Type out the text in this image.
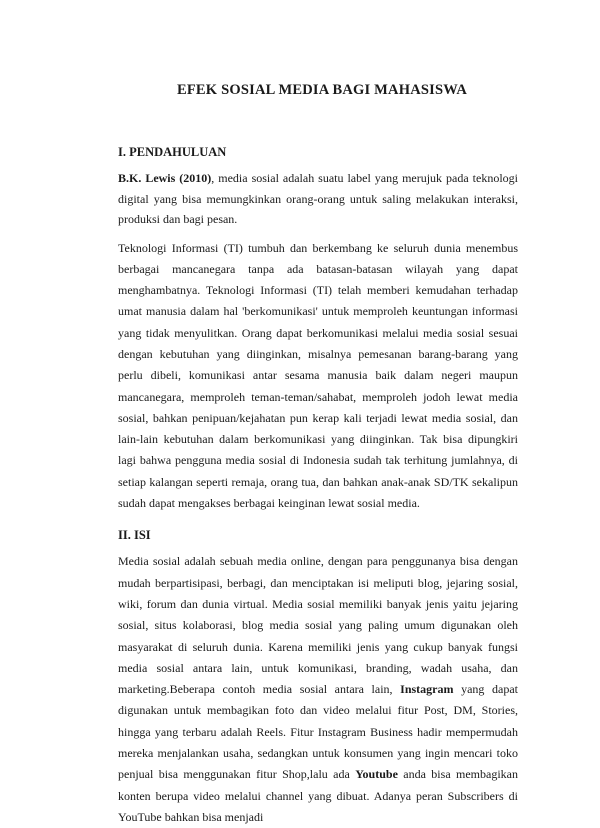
EFEK SOSIAL MEDIA BAGI MAHASISWA
I. PENDAHULUAN

B.K. Lewis (2010), media sosial adalah suatu label yang merujuk pada teknologi digital yang bisa memungkinkan orang-orang untuk saling melakukan interaksi, produksi dan bagi pesan.

Teknologi Informasi (TI) tumbuh dan berkembang ke seluruh dunia menembus berbagai mancanegara tanpa ada batasan-batasan wilayah yang dapat menghambatnya. Teknologi Informasi (TI) telah memberi kemudahan terhadap umat manusia dalam hal 'berkomunikasi' untuk memproleh keuntungan informasi yang tidak menyulitkan. Orang dapat berkomunikasi melalui media sosial sesuai dengan kebutuhan yang diinginkan, misalnya pemesanan barang-barang yang perlu dibeli, komunikasi antar sesama manusia baik dalam negeri maupun mancanegara, memproleh teman-teman/sahabat, memproleh jodoh lewat media sosial, bahkan penipuan/kejahatan pun kerap kali terjadi lewat media sosial, dan lain-lain kebutuhan dalam berkomunikasi yang diinginkan. Tak bisa dipungkiri lagi bahwa pengguna media sosial di Indonesia sudah tak terhitung jumlahnya, di setiap kalangan seperti remaja, orang tua, dan bahkan anak-anak SD/TK sekalipun sudah dapat mengakses berbagai keinginan lewat sosial media.

II. ISI

Media sosial adalah sebuah media online, dengan para penggunanya bisa dengan mudah berpartisipasi, berbagi, dan menciptakan isi meliputi blog, jejaring sosial, wiki, forum dan dunia virtual. Media sosial memiliki banyak jenis yaitu jejaring sosial, situs kolaborasi, blog media sosial yang paling umum digunakan oleh masyarakat di seluruh dunia. Karena memiliki jenis yang cukup banyak fungsi media sosial antara lain, untuk komunikasi, branding, wadah usaha, dan marketing.Beberapa contoh media sosial antara lain, Instagram yang dapat digunakan untuk membagikan foto dan video melalui fitur Post, DM, Stories, hingga yang terbaru adalah Reels. Fitur Instagram Business hadir mempermudah mereka menjalankan usaha, sedangkan untuk konsumen yang ingin mencari toko penjual bisa menggunakan fitur Shop,lalu ada Youtube anda bisa membagikan konten berupa video melalui channel yang dibuat. Adanya peran Subscribers di YouTube bahkan bisa menjadi
